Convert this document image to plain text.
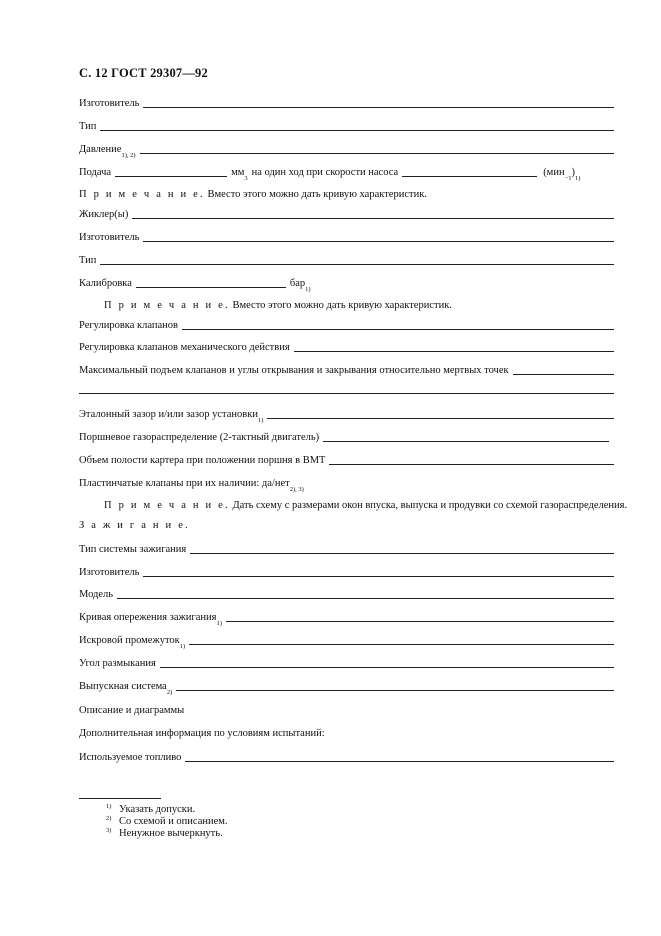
С. 12 ГОСТ 29307—92
Изготовитель
Тип
Давление
1), 2)
Подача	мм
3
на один ход при скорости насоса	(мин
−1
)
1)
П р и м е ч а н и е.
Вместо этого можно дать кривую характеристик.
Жиклер(ы)
Изготовитель
Тип
Калибровка	бар
1)
П р и м е ч а н и е.
Вместо этого можно дать кривую характеристик.
Регулировка клапанов
Регулировка клапанов механического действия
Максимальный подъем клапанов и углы открывания и закрывания относительно мертвых точек
Эталонный зазор и/или зазор установки
1)
Поршневое газораспределение (2-тактный двигатель)
Объем полости картера при положении поршня в ВМТ
Пластинчатые клапаны при их наличии: да/нет
2), 3)
П р и м е ч а н и е.
Дать схему с размерами окон впуска, выпуска и продувки со схемой газораспределения.
З а ж и г а н и е.
Тип системы зажигания
Изготовитель
Модель
Кривая опережения зажигания
1)
Искровой промежуток
1)
Угол размыкания
Выпускная система
2)
Описание и диаграммы
Дополнительная информация по условиям испытаний:
Используемое топливо
1) Указать допуски.
2) Со схемой и описанием.
3) Ненужное вычеркнуть.
